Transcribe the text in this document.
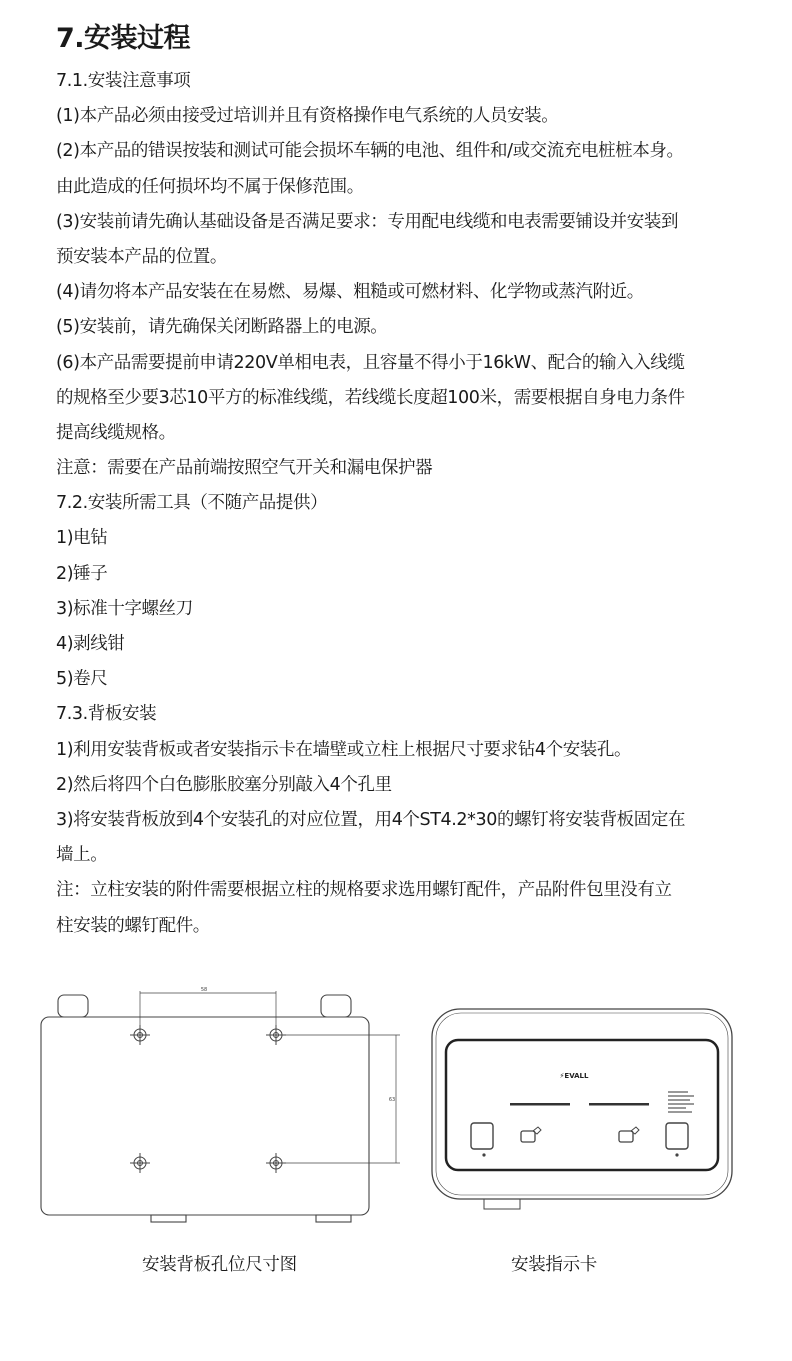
7.安装过程
7.1.安装注意事项
(1)本产品必须由接受过培训并且有资格操作电气系统的人员安装。
(2)本产品的错误按装和测试可能会损坏车辆的电池、组件和/或交流充电桩桩本身。
由此造成的任何损坏均不属于保修范围。
(3)安装前请先确认基础设备是否满足要求：专用配电线缆和电表需要铺设并安装到
预安装本产品的位置。
(4)请勿将本产品安装在在易燃、易爆、粗糙或可燃材料、化学物或蒸汽附近。
(5)安装前，请先确保关闭断路器上的电源。
(6)本产品需要提前申请220V单相电表，且容量不得小于16kW、配合的输入入线缆
的规格至少要3芯10平方的标准线缆，若线缆长度超100米，需要根据自身电力条件
提高线缆规格。
注意：需要在产品前端按照空气开关和漏电保护器
7.2.安装所需工具（不随产品提供）
1)电钻
2)锤子
3)标准十字螺丝刀
4)剥线钳
5)卷尺
7.3.背板安装
1)利用安装背板或者安装指示卡在墙壁或立柱上根据尺寸要求钻4个安装孔。
2)然后将四个白色膨胀胶塞分别敲入4个孔里
3)将安装背板放到4个安装孔的对应位置，用4个ST4.2*30的螺钉将安装背板固定在
墙上。
注：立柱安装的附件需要根据立柱的规格要求选用螺钉配件，产品附件包里没有立
柱安装的螺钉配件。
58
63
⚡EVALL
安装背板孔位尺寸图	安装指示卡
